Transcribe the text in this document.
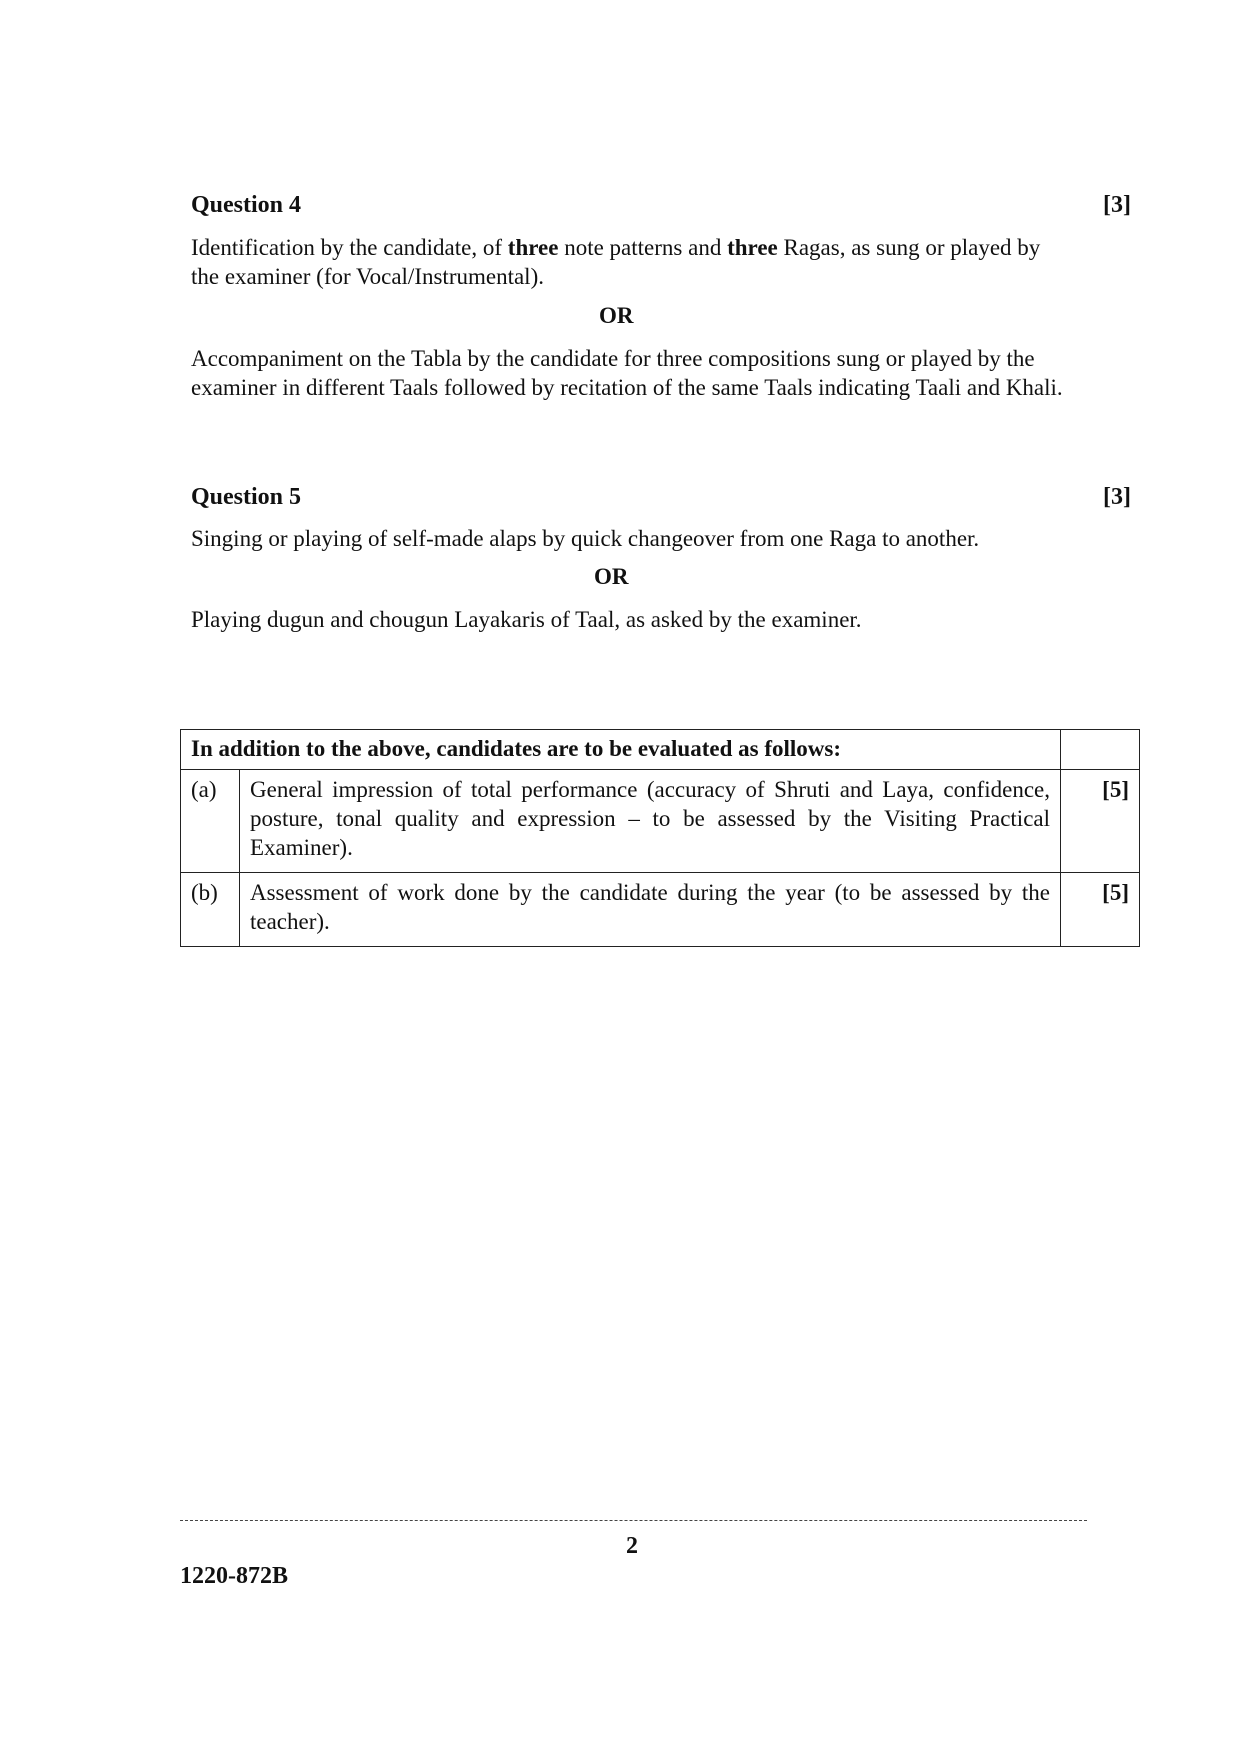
Question 4	[3]
Identification by the candidate, of three note patterns and three Ragas, as sung or played by the examiner (for Vocal/Instrumental).
OR
Accompaniment on the Tabla by the candidate for three compositions sung or played by the examiner in different Taals followed by recitation of the same Taals indicating Taali and Khali.
Question 5	[3]
Singing or playing of self-made alaps by quick changeover from one Raga to another.
OR
Playing dugun and chougun Layakaris of Taal, as asked by the examiner.
In addition to the above, candidates are to be evaluated as follows:		
(a)	General impression of total performance (accuracy of Shruti and Laya, confidence, posture, tonal quality and expression – to be assessed by the Visiting Practical Examiner).	[5]
(b)	Assessment of work done by the candidate during the year (to be assessed by the teacher).	[5]
2
1220-872B
